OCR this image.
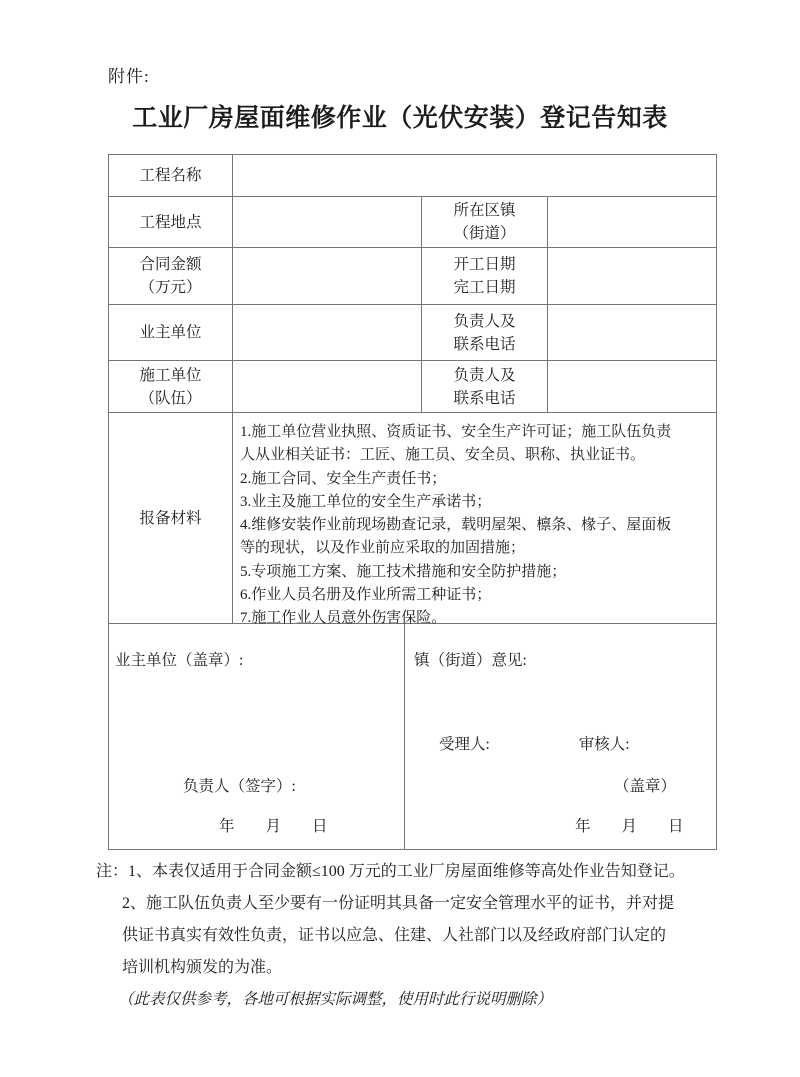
附件:
工业厂房屋面维修作业（光伏安装）登记告知表
工程名称
工程地点
所在区镇
（街道）
合同金额
（万元）
开工日期
完工日期
业主单位
负责人及
联系电话
施工单位
（队伍）
负责人及
联系电话
报备材料
1.施工单位营业执照、资质证书、安全生产许可证；施工队伍负责
人从业相关证书：工匠、施工员、安全员、职称、执业证书。
2.施工合同、安全生产责任书；
3.业主及施工单位的安全生产承诺书；
4.维修安装作业前现场勘查记录，载明屋架、檩条、椽子、屋面板
等的现状，以及作业前应采取的加固措施；
5.专项施工方案、施工技术措施和安全防护措施；
6.作业人员名册及作业所需工种证书；
7.施工作业人员意外伤害保险。
业主单位（盖章）:
负责人（签字）:
年　　月　　日
镇（街道）意见:
受理人:	审核人:
（盖章）
年　　月　　日
注：1、本表仅适用于合同金额≤100 万元的工业厂房屋面维修等高处作业告知登记。
2、施工队伍负责人至少要有一份证明其具备一定安全管理水平的证书，并对提
供证书真实有效性负责，证书以应急、住建、人社部门以及经政府部门认定的
培训机构颁发的为准。
（此表仅供参考，各地可根据实际调整，使用时此行说明删除）
